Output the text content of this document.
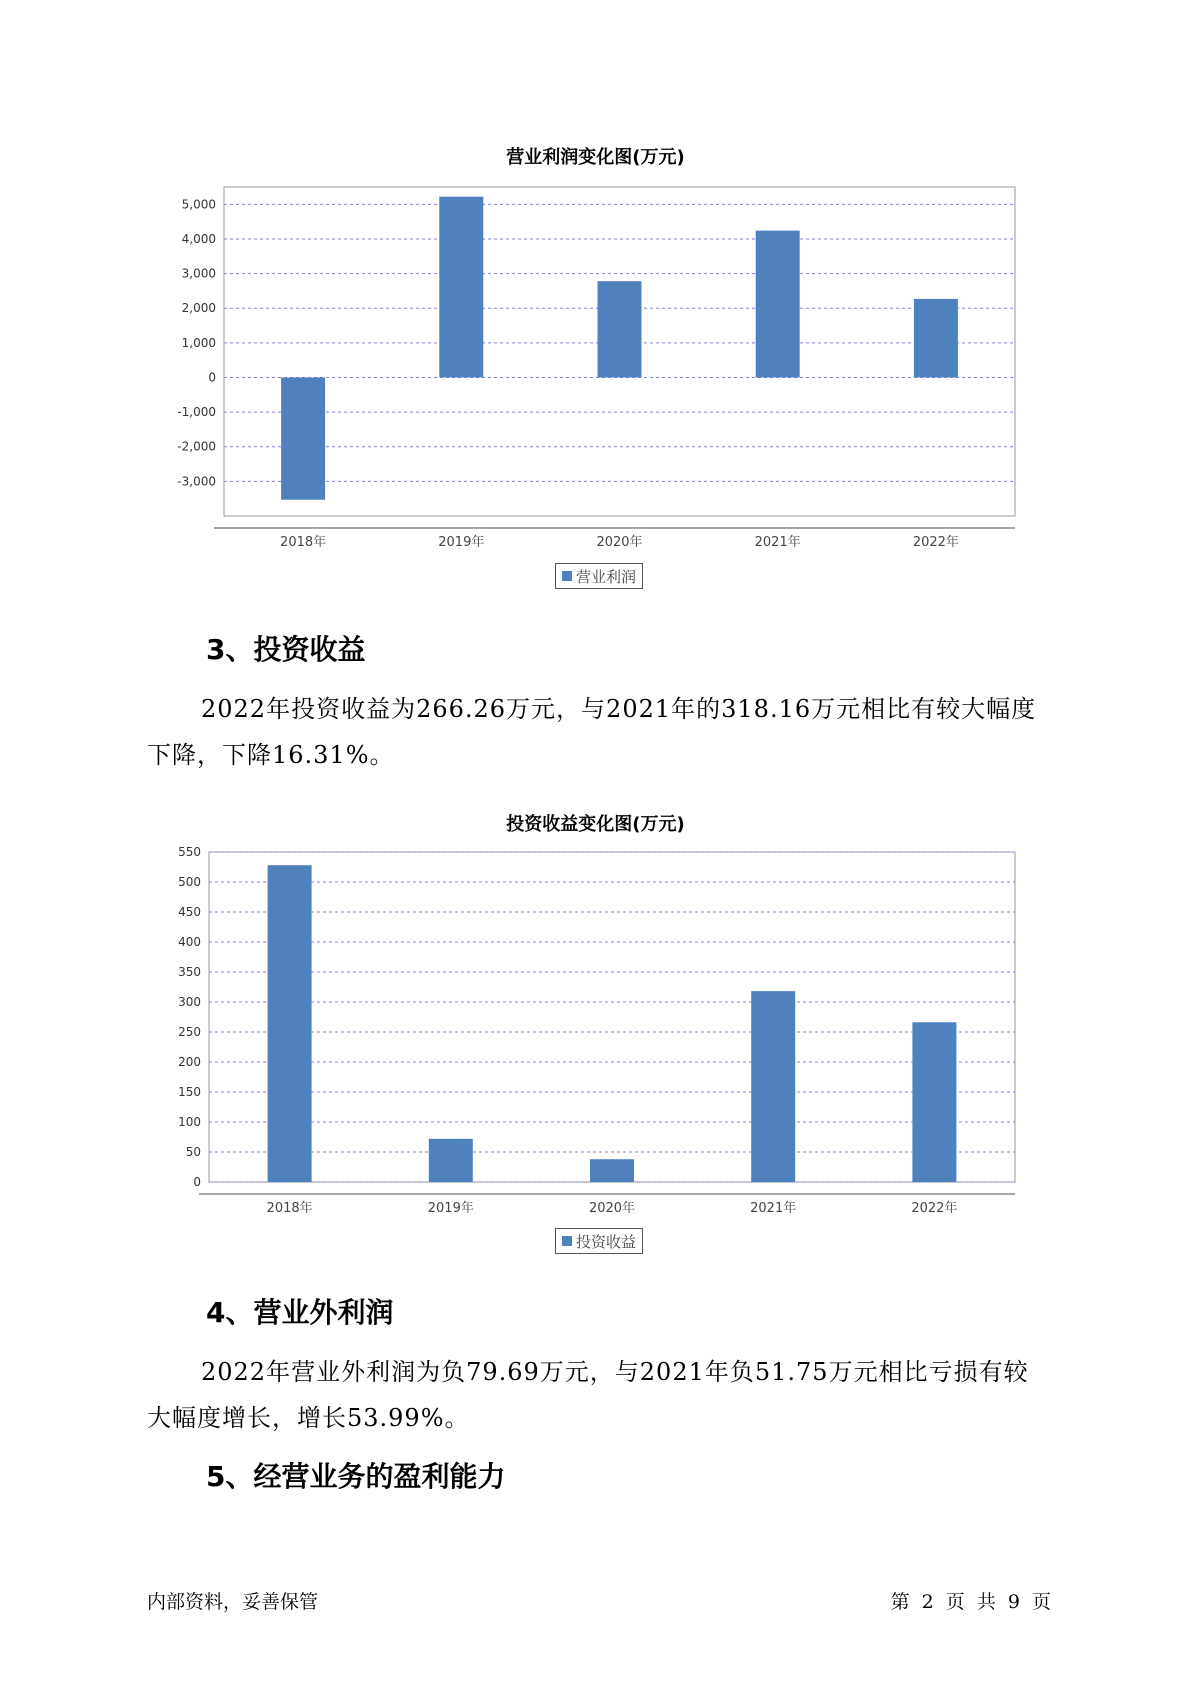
营业利润变化图(万元)
-3,000
-2,000
-1,000
0
1,000
2,000
3,000
4,000
5,000
2018年	2019年	2020年	2021年	2022年
营业利润
3、投资收益
2022年投资收益为266.26万元，与2021年的318.16万元相比有较大幅度下降，下降16.31%。
投资收益变化图(万元)
0
50
100
150
200
250
300
350
400
450
500
550
2018年	2019年	2020年	2021年	2022年
投资收益
4、营业外利润
2022年营业外利润为负79.69万元，与2021年负51.75万元相比亏损有较大幅度增长，增长53.99%。
5、经营业务的盈利能力
内部资料，妥善保管	第 2 页 共 9 页
